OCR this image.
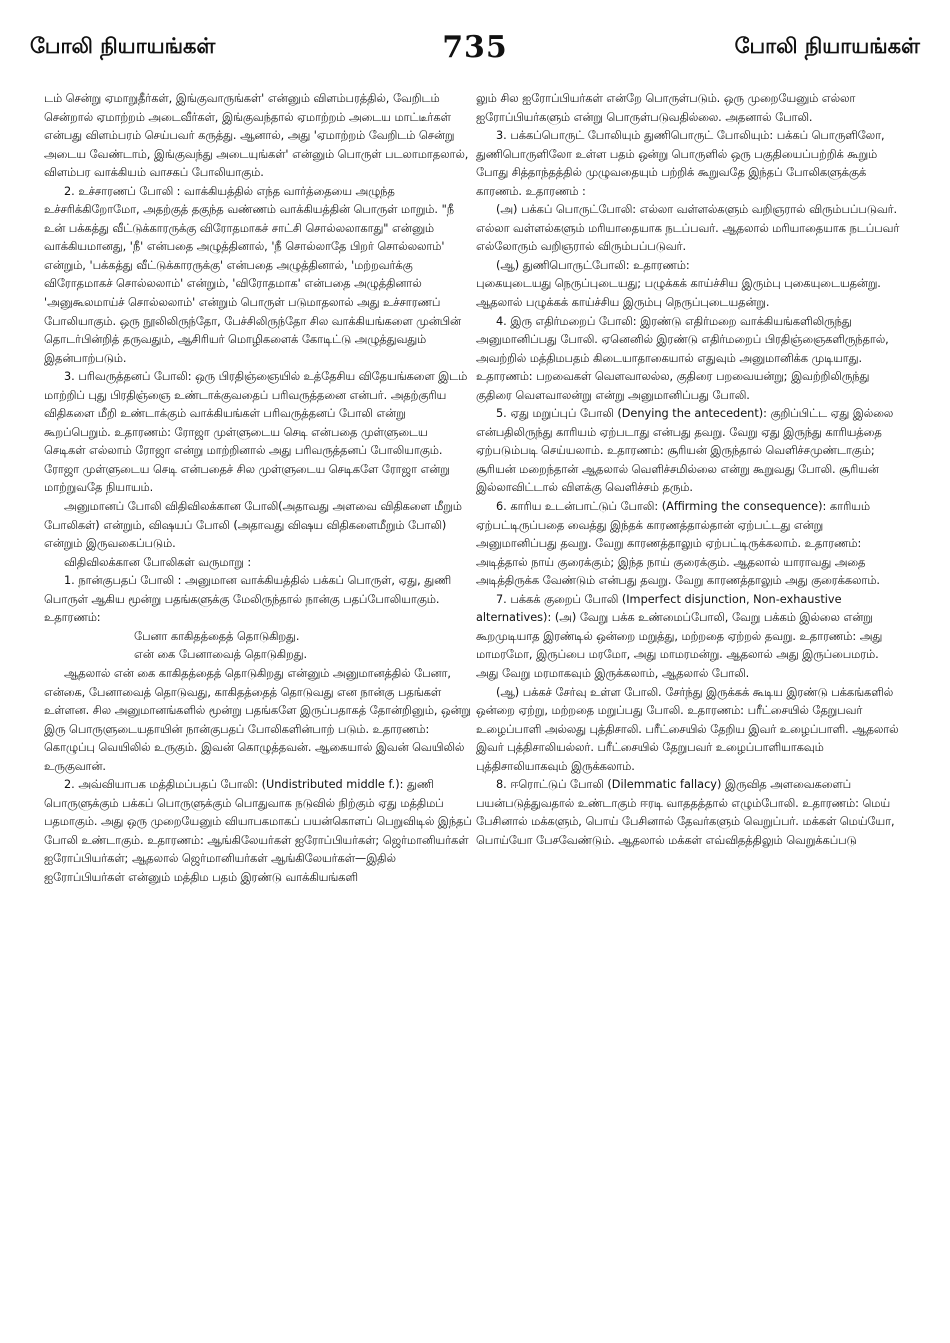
போலி நியாயங்கள்	735	போலி நியாயங்கள்

டம் சென்று ஏமாறுதீர்கள், இங்குவாருங்கள்' என்னும் விளம்பரத்தில், வேறிடம் சென்றால் ஏமாற்றம் அடைவீர்கள், இங்குவந்தால் ஏமாற்றம் அடைய மாட்டீர்கள் என்பது விளம்பரம் செய்பவர் கருத்து. ஆனால், அது 'ஏமாற்றம் வேறிடம் சென்று அடைய வேண்டாம், இங்குவந்து அடையுங்கள்' என்னும் பொருள் படலாமாதலால், விளம்பர வாக்கியம் வாசகப் போலியாகும்.

2. உச்சாரணப் போலி : வாக்கியத்தில் எந்த வார்த்தையை அழுந்த உச்சரிக்கிறோமோ, அதற்குத் தகுந்த வண்ணம் வாக்கியத்தின் பொருள் மாறும். "நீ உன் பக்கத்து வீட்டுக்காரருக்கு விரோதமாகச் சாட்சி சொல்லலாகாது" என்னும் வாக்கியமானது, 'நீ' என்பதை அழுத்தினால், 'நீ சொல்லாதே பிறர் சொல்லலாம்' என்றும், 'பக்கத்து வீட்டுக்காரருக்கு' என்பதை அழுத்தினால், 'மற்றவர்க்கு விரோதமாகச் சொல்லலாம்' என்றும், 'விரோதமாக' என்பதை அழுத்தினால் 'அனுகூலமாய்ச் சொல்லலாம்' என்றும் பொருள் படுமாதலால் அது உச்சாரணப் போலியாகும். ஒரு நூலிலிருந்தோ, பேச்சிலிருந்தோ சில வாக்கியங்களை முன்பின் தொடர்பின்றித் தருவதும், ஆசிரியர் மொழிகளைக் கோடிட்டு அழுத்துவதும் இதன்பாற்படும்.

3. பரிவருத்தனப் போலி: ஒரு பிரதிஞ்ஞையில் உத்தேசிய விதேயங்களை இடம் மாற்றிப் புது பிரதிஞ்ஞை உண்டாக்குவதைப் பரிவருத்தனை என்பர். அதற்குரிய விதிகளை மீறி உண்டாக்கும் வாக்கியங்கள் பரிவருத்தனப் போலி என்று கூறப்பெறும். உதாரணம்: ரோஜா முள்ளுடைய செடி என்பதை முள்ளுடைய செடிகள் எல்லாம் ரோஜா என்று மாற்றினால் அது பரிவருத்தனப் போலியாகும். ரோஜா முள்ளுடைய செடி என்பதைச் சில முள்ளுடைய செடிகளே ரோஜா என்று மாற்றுவதே நியாயம்.

அனுமானப் போலி விதிவிலக்கான போலி(அதாவது அளவை விதிகளை மீறும் போலிகள்) என்றும், விஷயப் போலி (அதாவது விஷய விதிகளைமீறும் போலி) என்றும் இருவகைப்படும்.

விதிவிலக்கான போலிகள் வருமாறு :

1. நான்குபதப் போலி : அனுமான வாக்கியத்தில் பக்கப் பொருள், ஏது, துணி பொருள் ஆகிய மூன்று பதங்களுக்கு மேலிருந்தால் நான்கு பதப்போலியாகும்.

உதாரணம்:

பேனா காகிதத்தைத் தொடுகிறது.

என் கை பேனாவைத் தொடுகிறது.

ஆதலால் என் கை காகிதத்தைத் தொடுகிறது என்னும் அனுமானத்தில் பேனா, என்கை, பேனாவைத் தொடுவது, காகிதத்தைத் தொடுவது என நான்கு பதங்கள் உள்ளன. சில அனுமானங்களில் மூன்று பதங்களே இருப்பதாகத் தோன்றினும், ஒன்று இரு பொருளுடையதாயின் நான்குபதப் போலிகளின்பாற் படும். உதாரணம்: கொழுப்பு வெயிலில் உருகும். இவன் கொழுத்தவன். ஆகையால் இவன் வெயிலில் உருகுவான்.

2. அவ்வியாபக மத்திமப்பதப் போலி: (Undistributed middle f.): துணி பொருளுக்கும் பக்கப் பொருளுக்கும் பொதுவாக நடுவில் நிற்கும் ஏது மத்திமப் பதமாகும். அது ஒரு முறையேனும் வியாபகமாகப் பயன்கொளப் பெறுவிடில் இந்தப் போலி உண்டாகும். உதாரணம்: ஆங்கிலேயர்கள் ஐரோப்பியர்கள்; ஜெர்மானியர்கள் ஐரோப்பியர்கள்; ஆதலால் ஜெர்மானியர்கள் ஆங்கிலேயர்கள்—இதில் ஐரோப்பியர்கள் என்னும் மத்திம பதம் இரண்டு வாக்கியங்களி

லும் சில ஐரோப்பியர்கள் என்றே பொருள்படும். ஒரு முறையேனும் எல்லா ஐரோப்பியர்களும் என்று பொருள்படுவதில்லை. அதனால் போலி.

3. பக்கப்பொருட் போலியும் துணிபொருட் போலியும்: பக்கப் பொருளிலோ, துணிபொருளிலோ உள்ள பதம் ஒன்று பொருளில் ஒரு பகுதியைப்பற்றிக் கூறும் போது சித்தாந்தத்தில் முழுவதையும் பற்றிக் கூறுவதே இந்தப் போலிகளுக்குக் காரணம். உதாரணம் :

(அ) பக்கப் பொருட்போலி: எல்லா வள்ளல்களும் வறிஞரால் விரும்பப்படுவர். எல்லா வள்ளல்களும் மரியாதையாக நடப்பவர். ஆதலால் மரியாதையாக நடப்பவர் எல்லோரும் வறிஞரால் விரும்பப்படுவர்.

(ஆ) துணிபொருட்போலி: உதாரணம்:

புகையுடையது நெருப்புடையது; பழுக்கக் காய்ச்சிய இரும்பு புகையுடையதன்று. ஆதலால் பழுக்கக் காய்ச்சிய இரும்பு நெருப்புடையதன்று.

4. இரு எதிர்மறைப் போலி: இரண்டு எதிர்மறை வாக்கியங்களிலிருந்து அனுமானிப்பது போலி. ஏனெனில் இரண்டு எதிர்மறைப் பிரதிஞ்ஞைகளிருந்தால், அவற்றில் மத்திமபதம் கிடையாதாகையால் எதுவும் அனுமானிக்க முடியாது. உதாரணம்: பறவைகள் வௌவாலல்ல, குதிரை பறவையன்று; இவற்றிலிருந்து குதிரை வௌவாலன்று என்று அனுமானிப்பது போலி.

5. ஏது மறுப்புப் போலி (Denying the antecedent): குறிப்பிட்ட ஏது இல்லை என்பதிலிருந்து காரியம் ஏற்படாது என்பது தவறு. வேறு ஏது இருந்து காரியத்தை ஏற்படும்படி செய்யலாம். உதாரணம்: சூரியன் இருந்தால் வெளிச்சமுண்டாகும்; சூரியன் மறைந்தான் ஆதலால் வெளிச்சமில்லை என்று கூறுவது போலி. சூரியன் இல்லாவிட்டால் விளக்கு வெளிச்சம் தரும்.

6. காரிய உடன்பாட்டுப் போலி: (Affirming the consequence): காரியம் ஏற்பட்டிருப்பதை வைத்து இந்தக் காரணத்தால்தான் ஏற்பட்டது என்று அனுமானிப்பது தவறு. வேறு காரணத்தாலும் ஏற்பட்டிருக்கலாம். உதாரணம்: அடித்தால் நாய் குரைக்கும்; இந்த நாய் குரைக்கும். ஆதலால் யாராவது அதை அடித்திருக்க வேண்டும் என்பது தவறு. வேறு காரணத்தாலும் அது குரைக்கலாம்.

7. பக்கக் குறைப் போலி (Imperfect disjunction, Non-exhaustive alternatives): (அ) வேறு பக்க உண்மைப்போலி, வேறு பக்கம் இல்லை என்று கூறமுடியாத இரண்டில் ஒன்றை மறுத்து, மற்றதை ஏற்றல் தவறு. உதாரணம்: அது மாமரமோ, இருப்பை மரமோ, அது மாமரமன்று. ஆதலால் அது இருப்பைமரம். அது வேறு மரமாகவும் இருக்கலாம், ஆதலால் போலி.

(ஆ) பக்கச் சேர்வு உள்ள போலி. சேர்ந்து இருக்கக் கூடிய இரண்டு பக்கங்களில் ஒன்றை ஏற்று, மற்றதை மறுப்பது போலி. உதாரணம்: பரீட்சையில் தேறுபவர் உழைப்பாளி அல்லது புத்திசாலி. பரீட்சையில் தேறிய இவர் உழைப்பாளி. ஆதலால் இவர் புத்திசாலியல்லர். பரீட்சையில் தேறுபவர் உழைப்பாளியாகவும் புத்திசாலியாகவும் இருக்கலாம்.

8. ஈரொட்டுப் போலி (Dilemmatic fallacy) இருவித அளவைகளைப் பயன்படுத்துவதால் உண்டாகும் ஈரடி வாததத்தால் எழும்போலி. உதாரணம்: மெய் பேசினால் மக்களும், பொய் பேசினால் தேவர்களும் வெறுப்பர். மக்கள் மெய்யோ, பொய்யோ பேசவேண்டும். ஆதலால் மக்கள் எவ்விதத்திலும் வெறுக்கப்படு
